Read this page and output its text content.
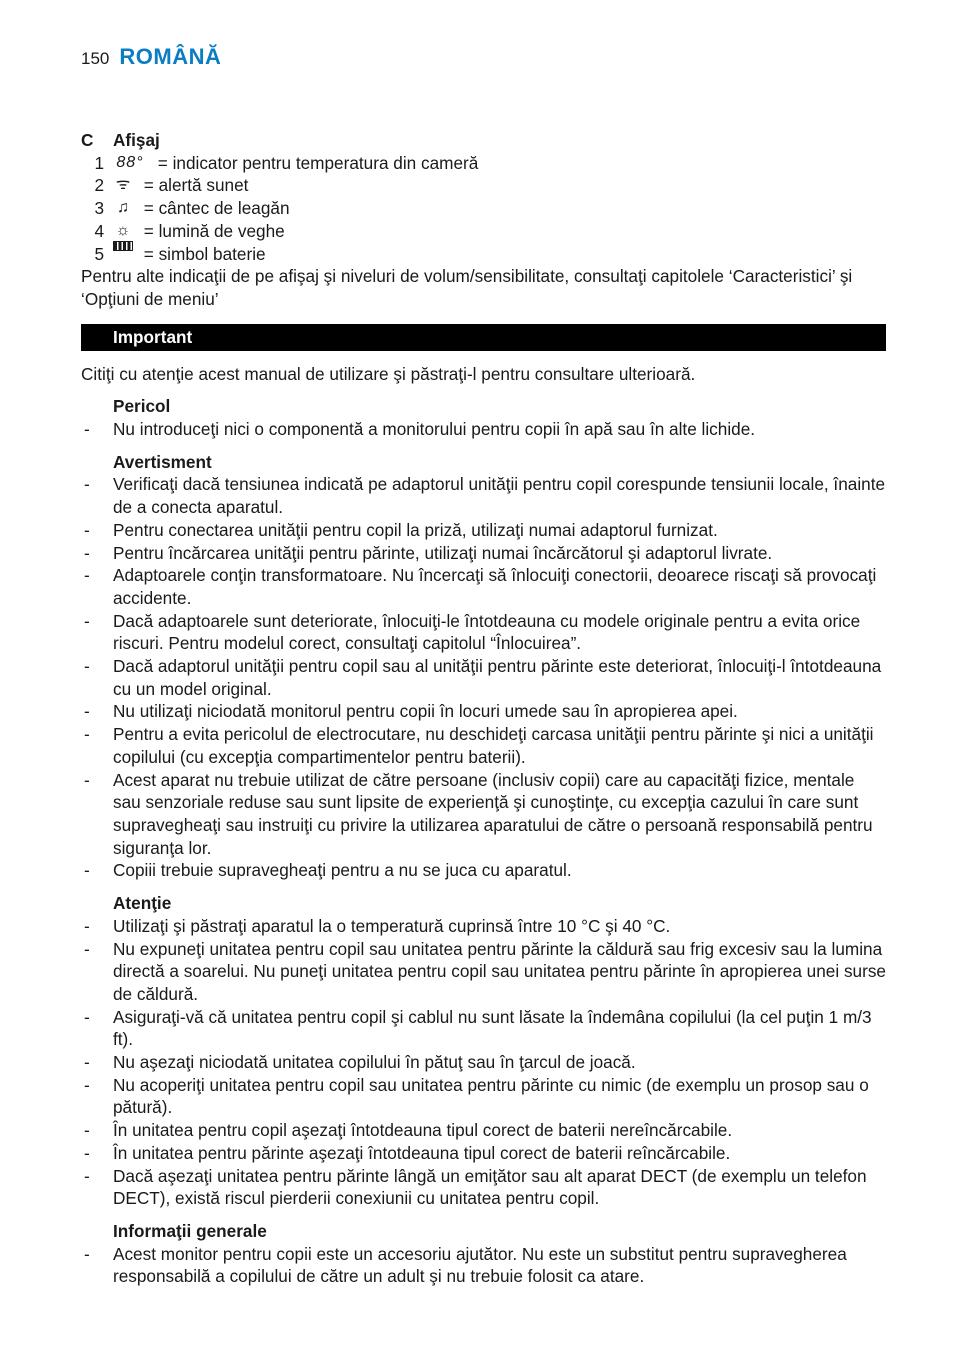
150 ROMÂNĂ
C	Afişaj
1 88° = indicator pentru temperatura din cameră
2 ᯤ = alertă sunet
3 ♫ = cântec de leagăn
4 ☼ = lumină de veghe
5	= simbol baterie

Pentru alte indicaţii de pe afişaj şi niveluri de volum/sensibilitate, consultaţi capitolele ‘Caracteristici’ şi ‘Opţiuni de meniu’

Important

Citiţi cu atenţie acest manual de utilizare şi păstraţi-l pentru consultare ulterioară.

Pericol
-	Nu introduceţi nici o componentă a monitorului pentru copii în apă sau în alte lichide.
Avertisment
-	Verificaţi dacă tensiunea indicată pe adaptorul unităţii pentru copil corespunde tensiunii locale, înainte de a conecta aparatul.
-	Pentru conectarea unităţii pentru copil la priză, utilizaţi numai adaptorul furnizat.
-	Pentru încărcarea unităţii pentru părinte, utilizaţi numai încărcătorul şi adaptorul livrate.
-	Adaptoarele conţin transformatoare. Nu încercaţi să înlocuiţi conectorii, deoarece riscaţi să provocaţi accidente.
-	Dacă adaptoarele sunt deteriorate, înlocuiţi-le întotdeauna cu modele originale pentru a evita orice riscuri. Pentru modelul corect, consultaţi capitolul “Înlocuirea”.
-	Dacă adaptorul unităţii pentru copil sau al unităţii pentru părinte este deteriorat, înlocuiţi-l întotdeauna cu un model original.
-	Nu utilizaţi niciodată monitorul pentru copii în locuri umede sau în apropierea apei.
-	Pentru a evita pericolul de electrocutare, nu deschideţi carcasa unităţii pentru părinte şi nici a unităţii copilului (cu excepţia compartimentelor pentru baterii).
-	Acest aparat nu trebuie utilizat de către persoane (inclusiv copii) care au capacităţi fizice, mentale sau senzoriale reduse sau sunt lipsite de experienţă şi cunoştinţe, cu excepţia cazului în care sunt supravegheaţi sau instruiţi cu privire la utilizarea aparatului de către o persoană responsabilă pentru siguranţa lor.
-	Copiii trebuie supravegheaţi pentru a nu se juca cu aparatul.
Atenţie
-	Utilizaţi şi păstraţi aparatul la o temperatură cuprinsă între 10 °C şi 40 °C.
-	Nu expuneţi unitatea pentru copil sau unitatea pentru părinte la căldură sau frig excesiv sau la lumina directă a soarelui. Nu puneţi unitatea pentru copil sau unitatea pentru părinte în apropierea unei surse de căldură.
-	Asiguraţi-vă că unitatea pentru copil şi cablul nu sunt lăsate la îndemâna copilului (la cel puţin 1 m/3 ft).
-	Nu aşezaţi niciodată unitatea copilului în pătuţ sau în ţarcul de joacă.
-	Nu acoperiţi unitatea pentru copil sau unitatea pentru părinte cu nimic (de exemplu un prosop sau o pătură).
-	În unitatea pentru copil aşezaţi întotdeauna tipul corect de baterii nereîncărcabile.
-	În unitatea pentru părinte aşezaţi întotdeauna tipul corect de baterii reîncărcabile.
-	Dacă aşezaţi unitatea pentru părinte lângă un emiţător sau alt aparat DECT (de exemplu un telefon DECT), există riscul pierderii conexiunii cu unitatea pentru copil.
Informaţii generale
-	Acest monitor pentru copii este un accesoriu ajutător. Nu este un substitut pentru supravegherea responsabilă a copilului de către un adult şi nu trebuie folosit ca atare.
